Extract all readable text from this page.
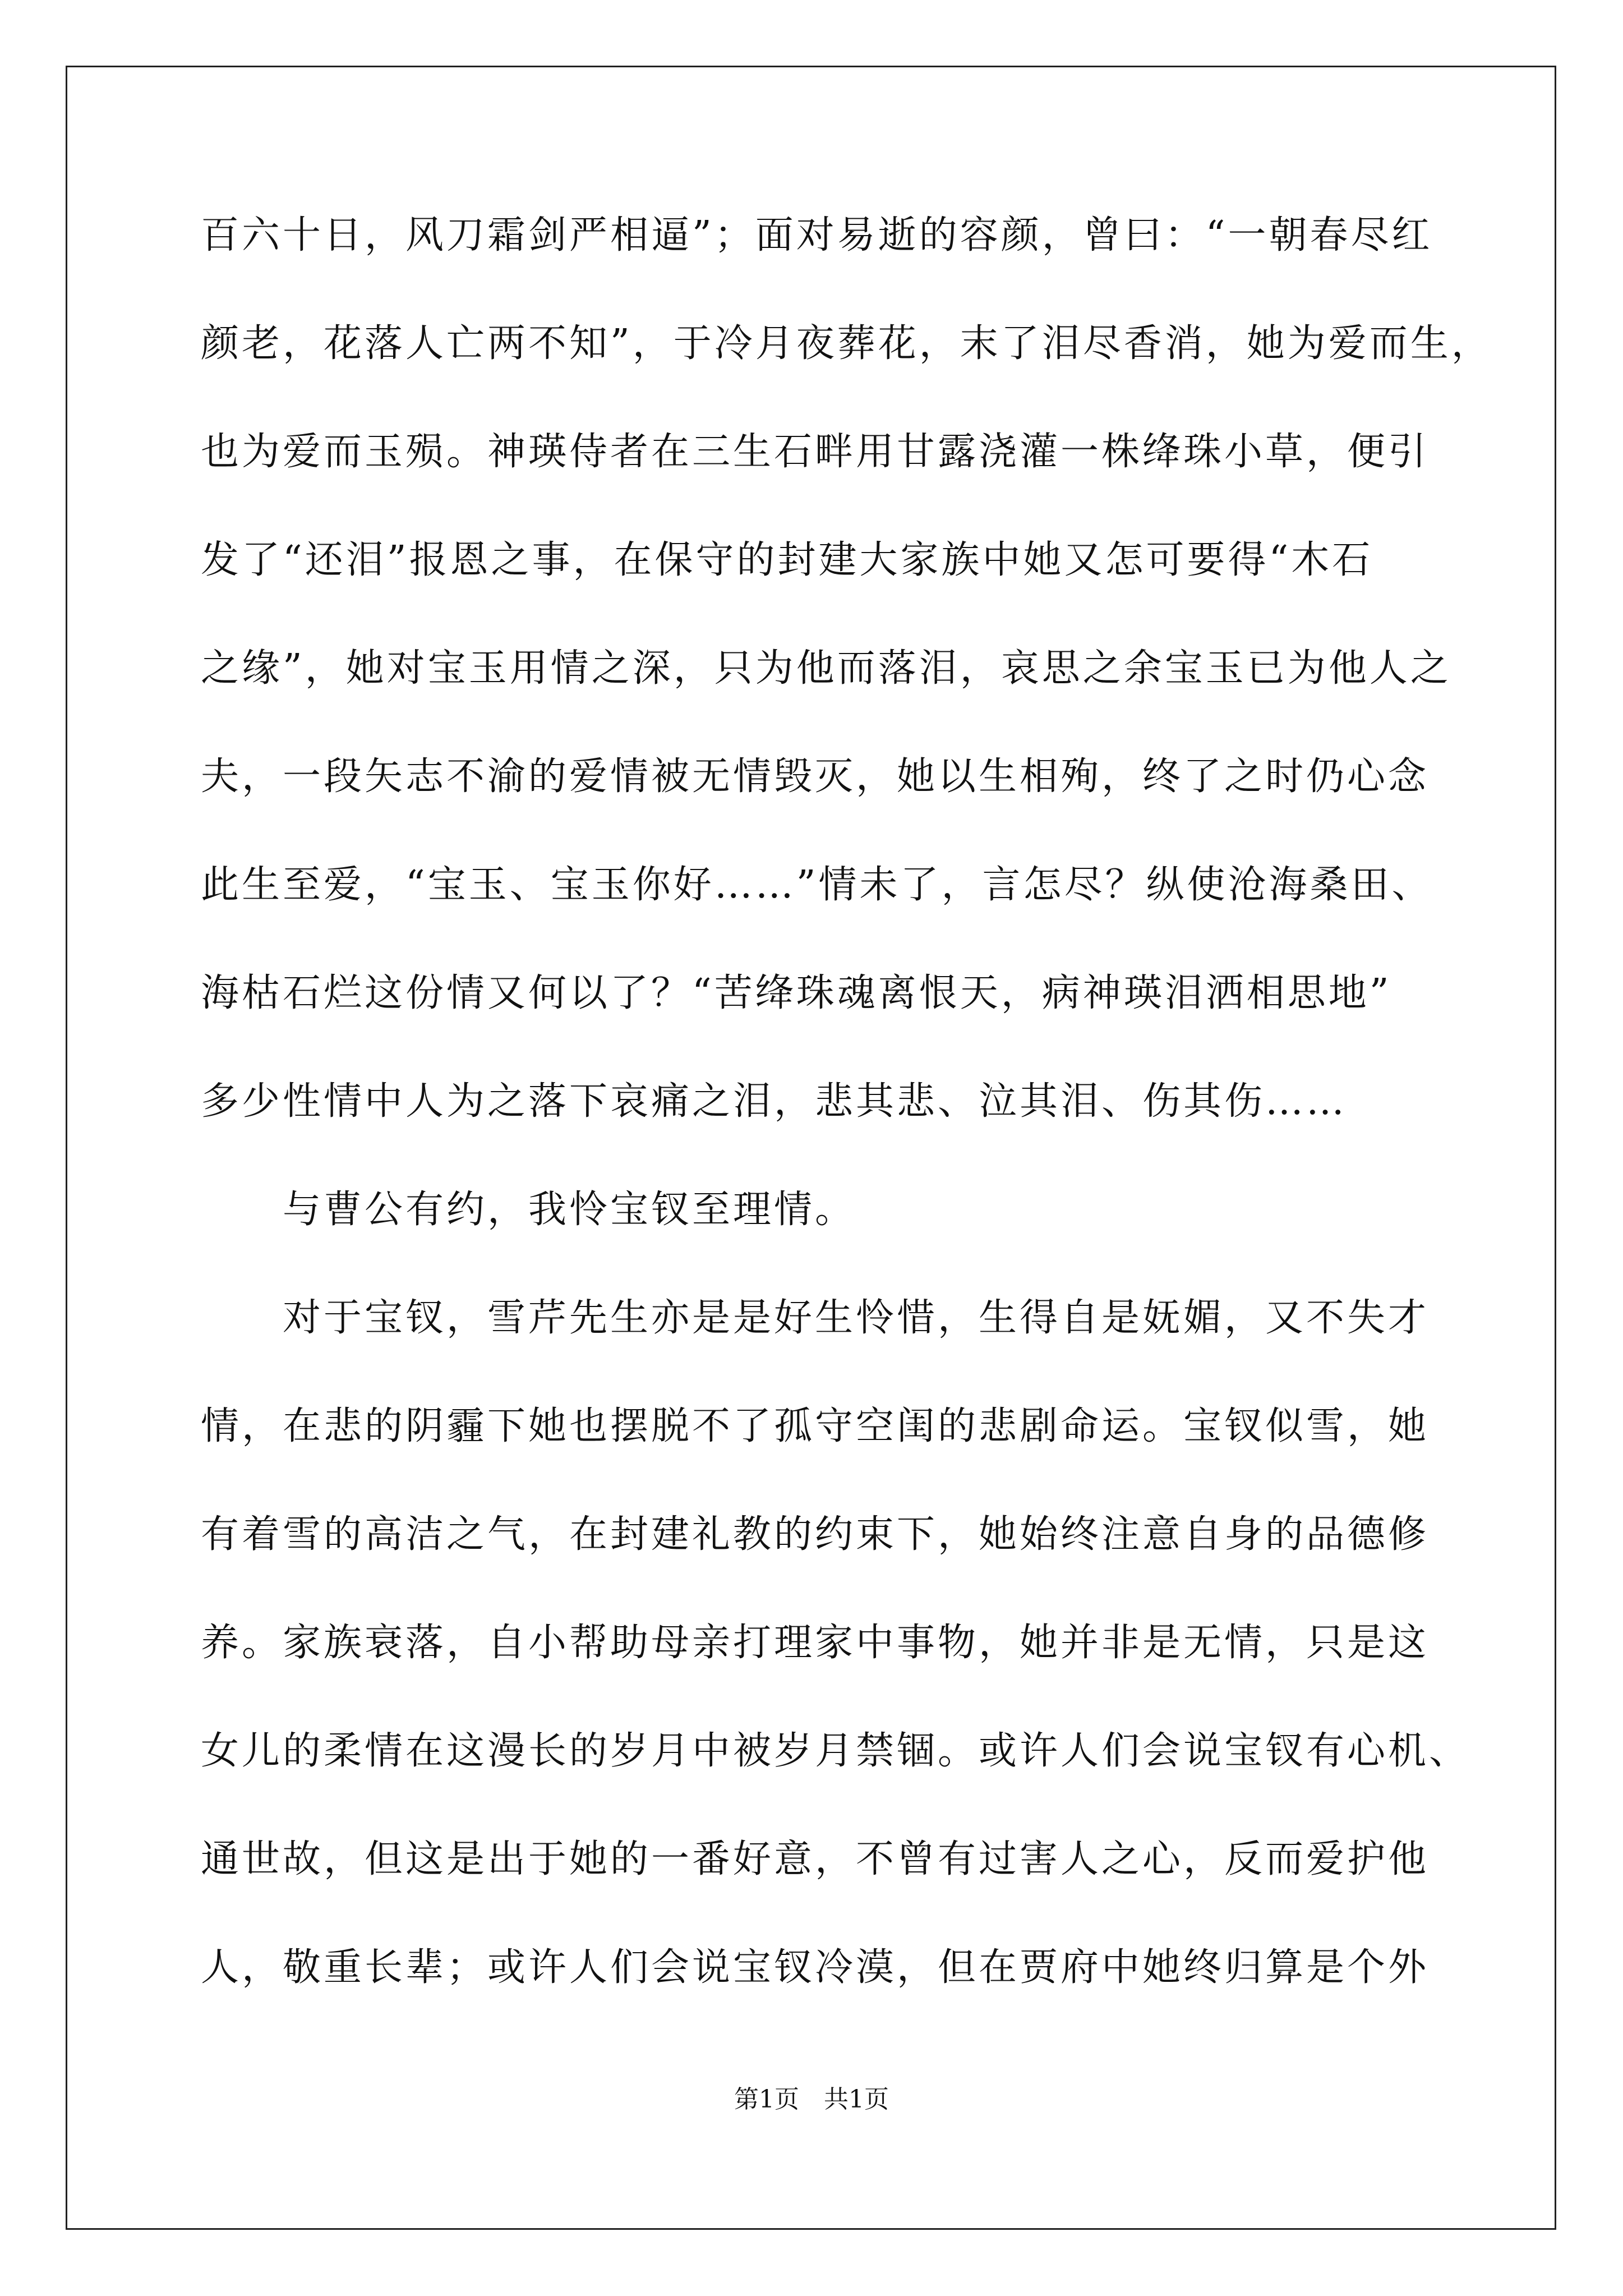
百六十日，风刀霜剑严相逼”；面对易逝的容颜，曾曰：“一朝春尽红
颜老，花落人亡两不知”，于冷月夜葬花，末了泪尽香消，她为爱而生，
也为爱而玉殒。神瑛侍者在三生石畔用甘露浇灌一株绛珠小草，便引
发了“还泪”报恩之事，在保守的封建大家族中她又怎可要得“木石
之缘”，她对宝玉用情之深，只为他而落泪，哀思之余宝玉已为他人之
夫，一段矢志不渝的爱情被无情毁灭，她以生相殉，终了之时仍心念
此生至爱，“宝玉、宝玉你好……”情未了，言怎尽？纵使沧海桑田、
海枯石烂这份情又何以了？“苦绛珠魂离恨天，病神瑛泪洒相思地”
多少性情中人为之落下哀痛之泪，悲其悲、泣其泪、伤其伤……
　　与曹公有约，我怜宝钗至理情。
　　对于宝钗，雪芹先生亦是是好生怜惜，生得自是妩媚，又不失才
情，在悲的阴霾下她也摆脱不了孤守空闺的悲剧命运。宝钗似雪，她
有着雪的高洁之气，在封建礼教的约束下，她始终注意自身的品德修
养。家族衰落，自小帮助母亲打理家中事物，她并非是无情，只是这
女儿的柔情在这漫长的岁月中被岁月禁锢。或许人们会说宝钗有心机、
通世故，但这是出于她的一番好意，不曾有过害人之心，反而爱护他
人，敬重长辈；或许人们会说宝钗冷漠，但在贾府中她终归算是个外
第1页　共1页
